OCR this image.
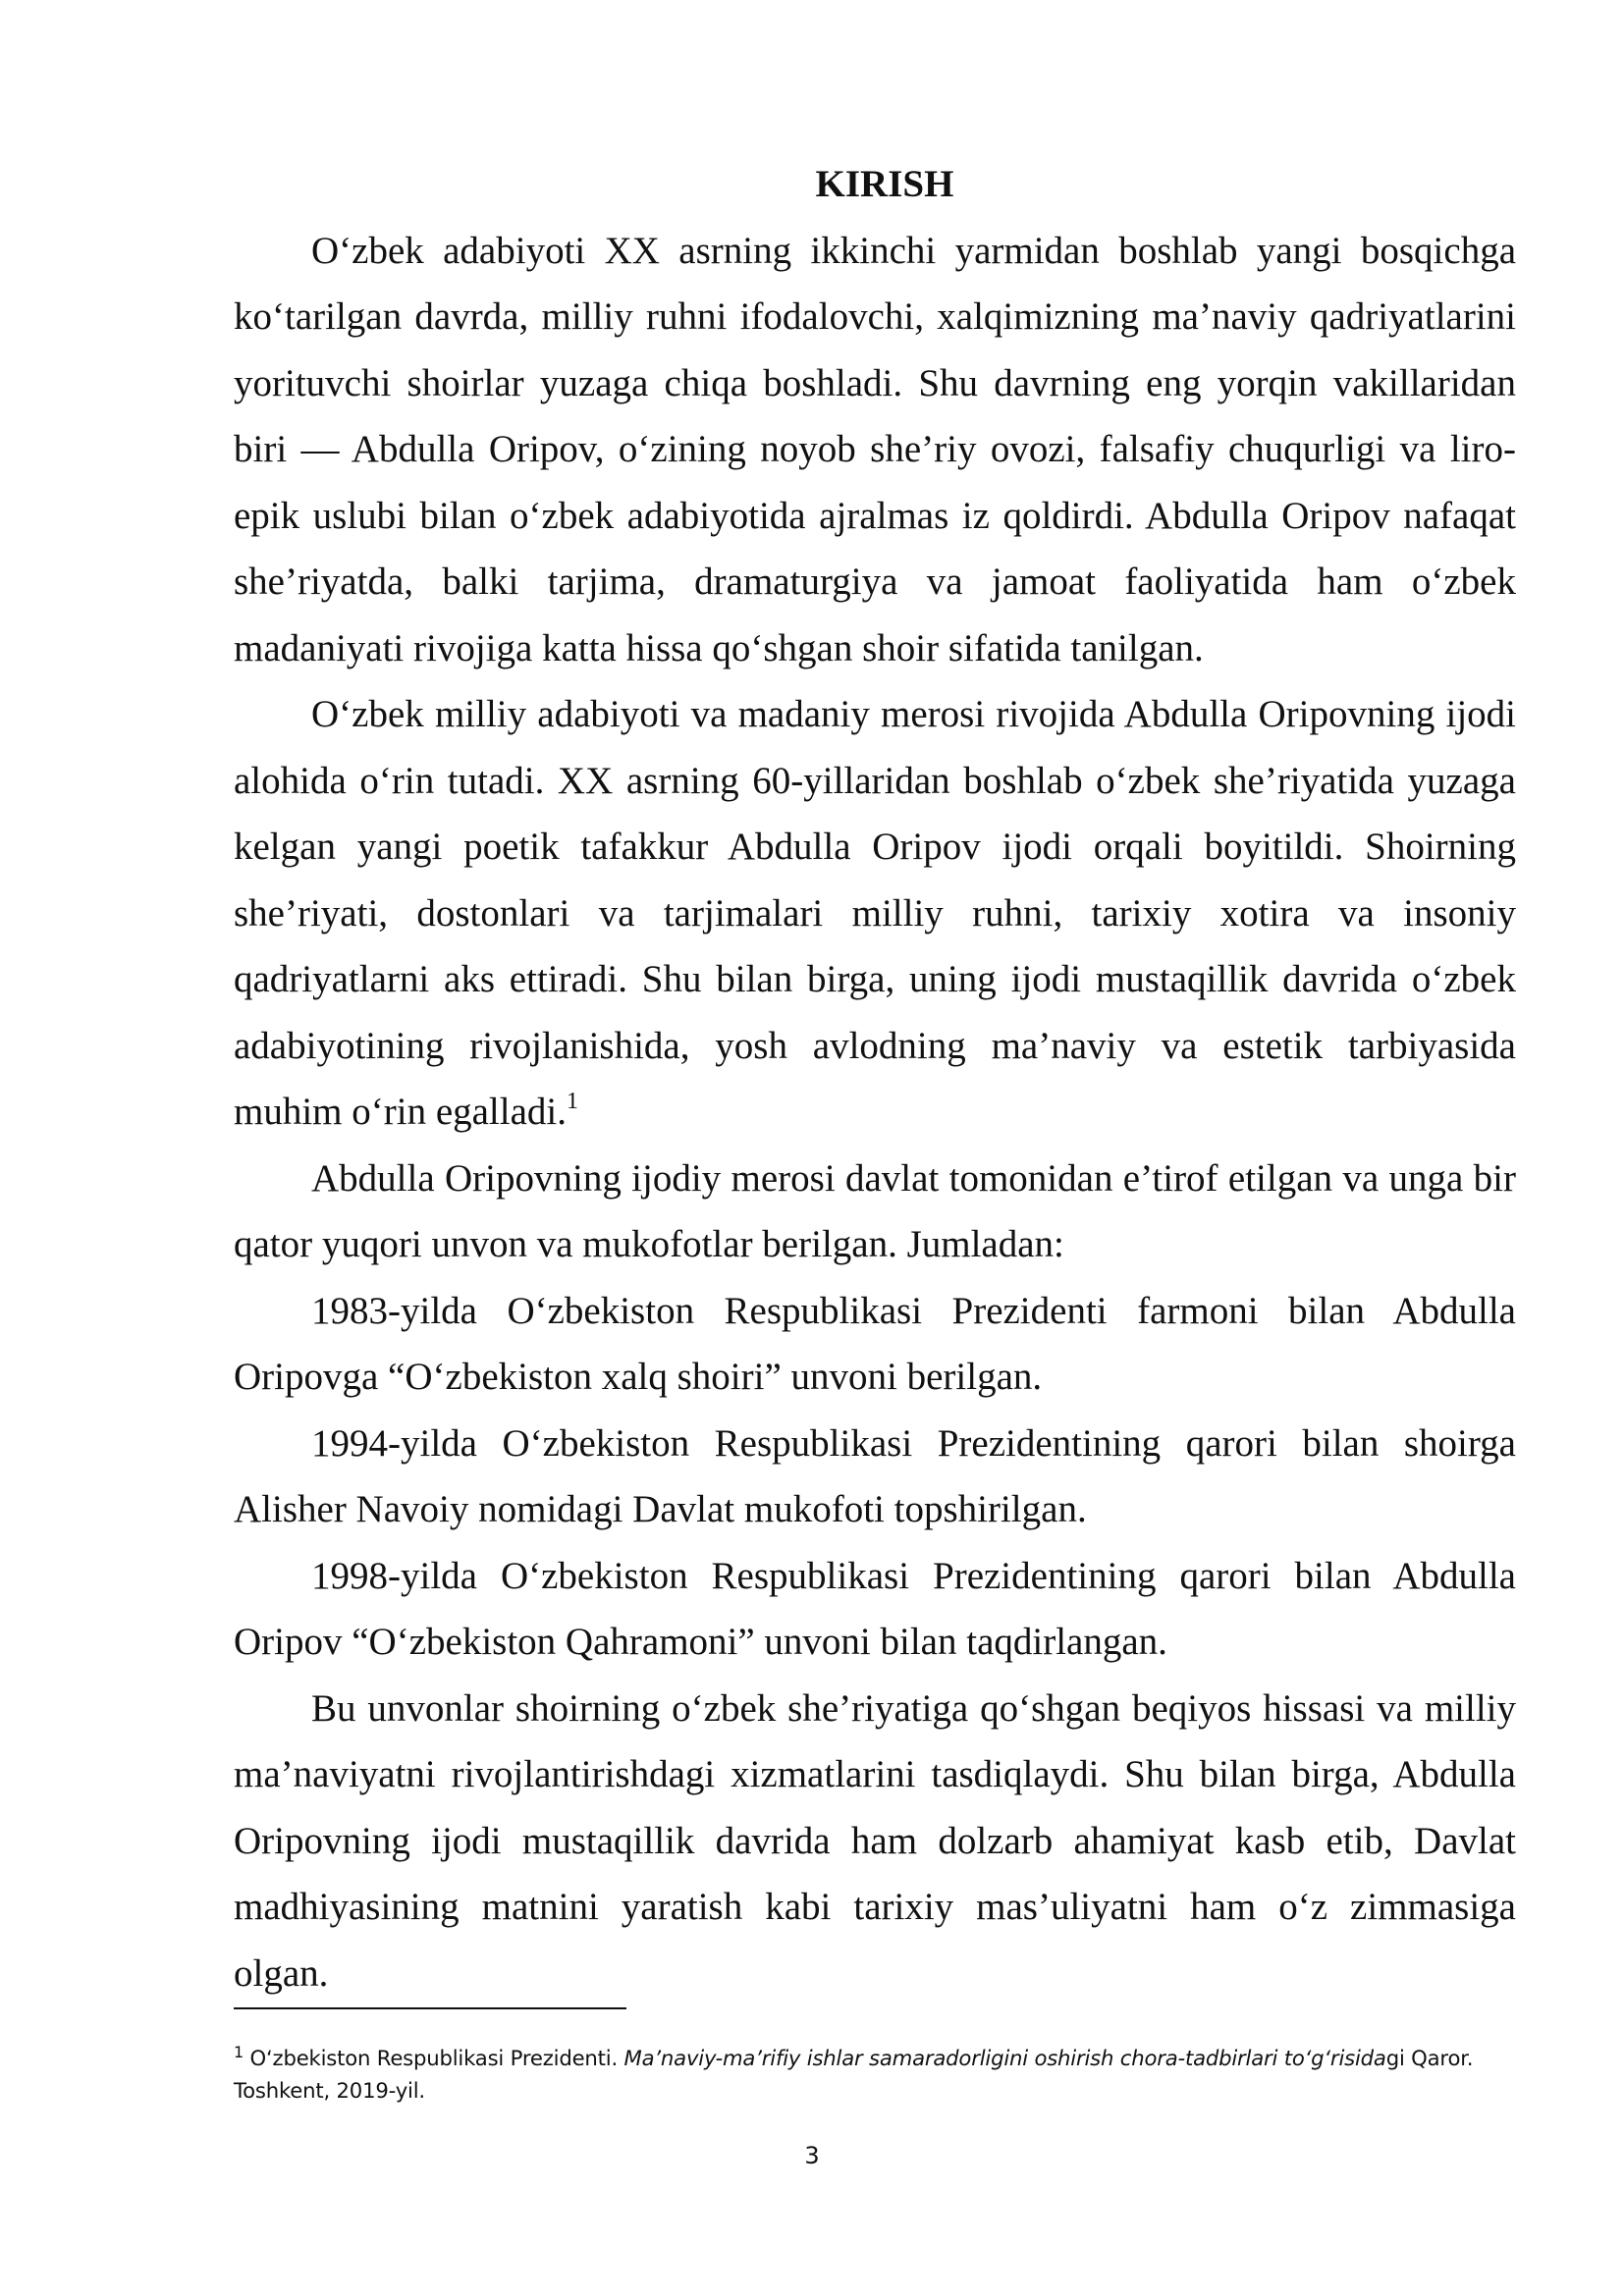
KIRISH

O‘zbek adabiyoti XX asrning ikkinchi yarmidan boshlab yangi bosqichga ko‘tarilgan davrda, milliy ruhni ifodalovchi, xalqimizning ma’naviy qadriyatlarini yorituvchi shoirlar yuzaga chiqa boshladi. Shu davrning eng yorqin vakillaridan biri — Abdulla Oripov, o‘zining noyob she’riy ovozi, falsafiy chuqurligi va liro-epik uslubi bilan o‘zbek adabiyotida ajralmas iz qoldirdi. Abdulla Oripov nafaqat she’riyatda, balki tarjima, dramaturgiya va jamoat faoliyatida ham o‘zbek madaniyati rivojiga katta hissa qo‘shgan shoir sifatida tanilgan.

O‘zbek milliy adabiyoti va madaniy merosi rivojida Abdulla Oripovning ijodi alohida o‘rin tutadi. XX asrning 60-yillaridan boshlab o‘zbek she’riyatida yuzaga kelgan yangi poetik tafakkur Abdulla Oripov ijodi orqali boyitildi. Shoirning she’riyati, dostonlari va tarjimalari milliy ruhni, tarixiy xotira va insoniy qadriyatlarni aks ettiradi. Shu bilan birga, uning ijodi mustaqillik davrida o‘zbek adabiyotining rivojlanishida, yosh avlodning ma’naviy va estetik tarbiyasida muhim o‘rin egalladi.$^1$

Abdulla Oripovning ijodiy merosi davlat tomonidan e’tirof etilgan va unga bir qator yuqori unvon va mukofotlar berilgan. Jumladan:

1983-yilda O‘zbekiston Respublikasi Prezidenti farmoni bilan Abdulla Oripovga “O‘zbekiston xalq shoiri” unvoni berilgan.

1994-yilda O‘zbekiston Respublikasi Prezidentining qarori bilan shoirga Alisher Navoiy nomidagi Davlat mukofoti topshirilgan.

1998-yilda O‘zbekiston Respublikasi Prezidentining qarori bilan Abdulla Oripov “O‘zbekiston Qahramoni” unvoni bilan taqdirlangan.

Bu unvonlar shoirning o‘zbek she’riyatiga qo‘shgan beqiyos hissasi va milliy ma’naviyatni rivojlantirishdagi xizmatlarini tasdiqlaydi. Shu bilan birga, Abdulla Oripovning ijodi mustaqillik davrida ham dolzarb ahamiyat kasb etib, Davlat madhiyasining matnini yaratish kabi tarixiy mas’uliyatni ham o‘z zimmasiga olgan.

$^1$ O‘zbekiston Respublikasi Prezidenti. Ma’naviy-ma’rifiy ishlar samaradorligini oshirish chora-tadbirlari to‘g‘risidagi Qaror. Toshkent, 2019-yil.
3
